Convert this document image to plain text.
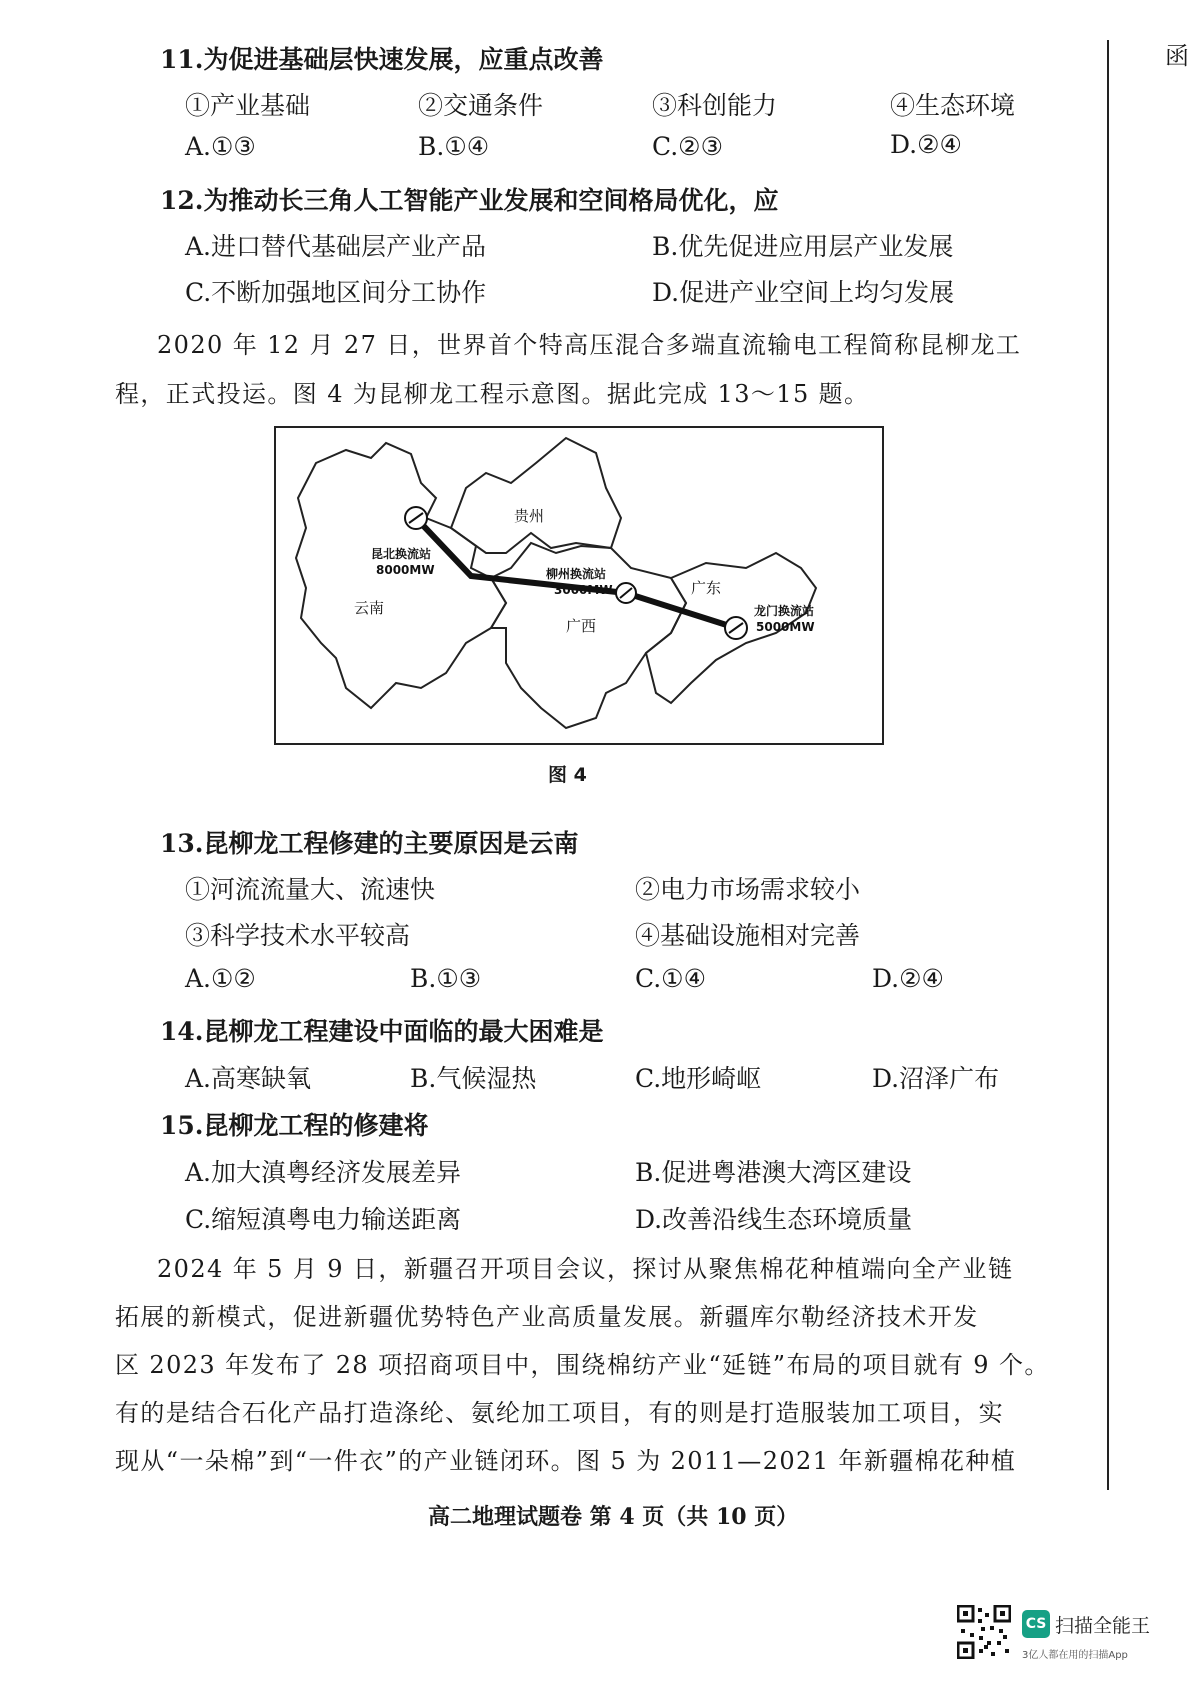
函
11.为促进基础层快速发展，应重点改善
①产业基础	②交通条件	③科创能力	④生态环境
A.①③	B.①④	C.②③	D.②④
12.为推动长三角人工智能产业发展和空间格局优化，应
A.进口替代基础层产业产品	B.优先促进应用层产业发展
C.不断加强地区间分工协作	D.促进产业空间上均匀发展
2020 年 12 月 27 日，世界首个特高压混合多端直流输电工程简称昆柳龙工
程，正式投运。图 4 为昆柳龙工程示意图。据此完成 13～15 题。
贵州
云南
广西
广东
昆北换流站
8000MW	柳州换流站
3000MW
龙门换流站
5000MW
图 4
13.昆柳龙工程修建的主要原因是云南
①河流流量大、流速快	②电力市场需求较小
③科学技术水平较高	④基础设施相对完善
A.①②	B.①③	C.①④	D.②④
14.昆柳龙工程建设中面临的最大困难是
A.高寒缺氧	B.气候湿热	C.地形崎岖	D.沼泽广布
15.昆柳龙工程的修建将
A.加大滇粤经济发展差异	B.促进粤港澳大湾区建设
C.缩短滇粤电力输送距离	D.改善沿线生态环境质量
2024 年 5 月 9 日，新疆召开项目会议，探讨从聚焦棉花种植端向全产业链
拓展的新模式，促进新疆优势特色产业高质量发展。新疆库尔勒经济技术开发
区 2023 年发布了 28 项招商项目中，围绕棉纺产业“延链”布局的项目就有 9 个。
有的是结合石化产品打造涤纶、氨纶加工项目，有的则是打造服装加工项目，实
现从“一朵棉”到“一件衣”的产业链闭环。图 5 为 2011—2021 年新疆棉花种植
高二地理试题卷 第 4 页（共 10 页）
CS 扫描全能王
3亿人都在用的扫描App
